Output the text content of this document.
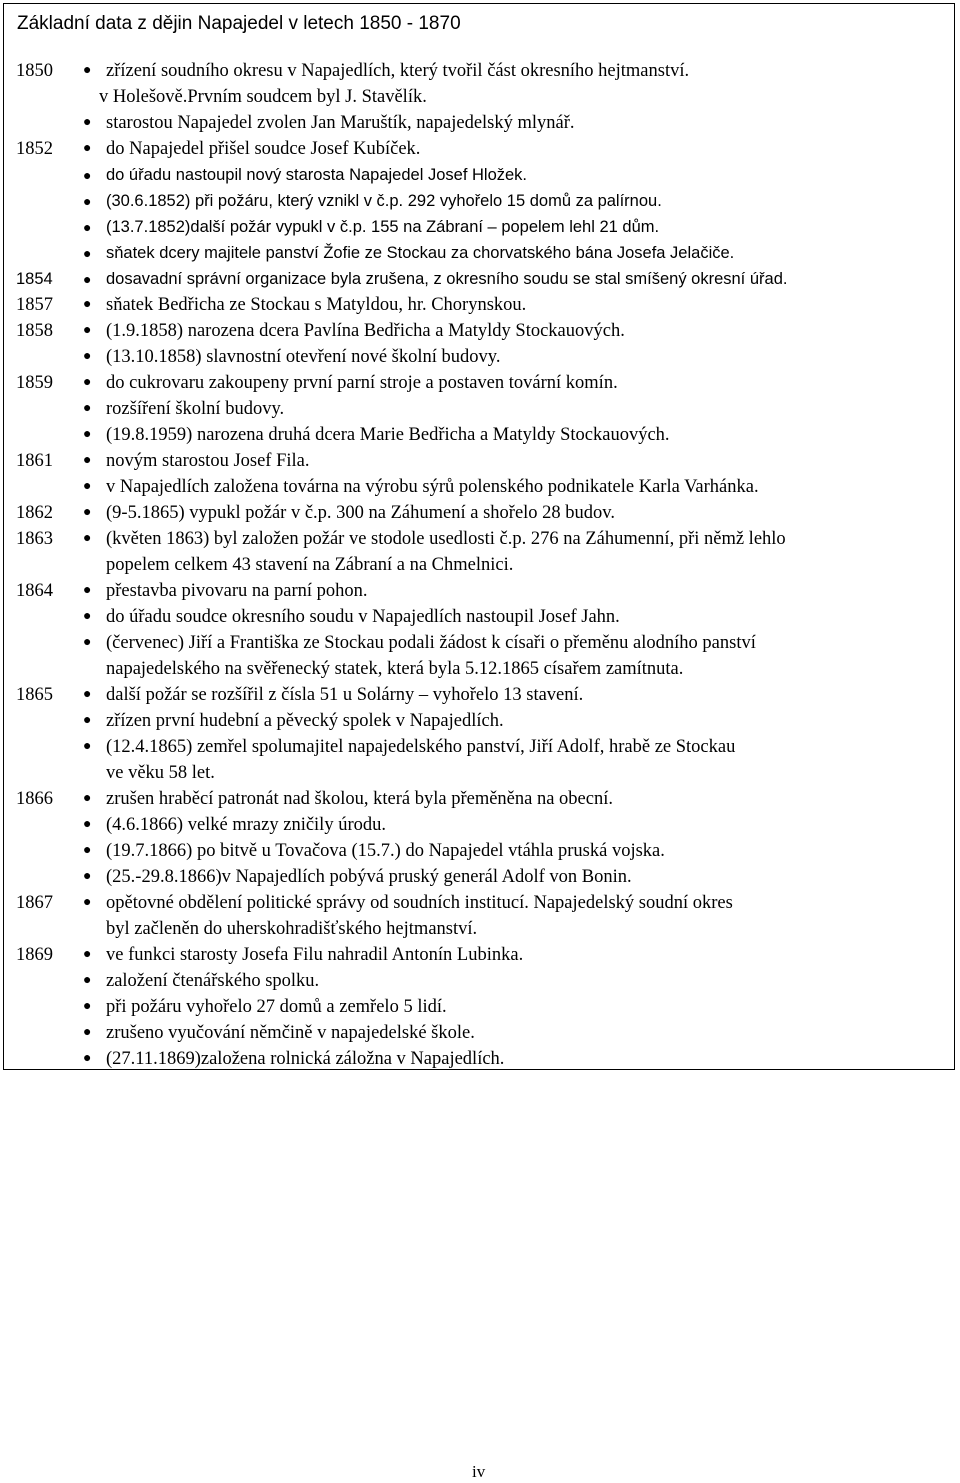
Základní data z dějin Napajedel v letech 1850 - 1870
1850 ● zřízení soudního okresu v Napajedlích, který tvořil část okresního hejtmanství.
v Holešově.Prvním soudcem byl J. Stavělík.
● starostou Napajedel zvolen Jan Maruštík, napajedelský mlynář.
1852 ● do Napajedel přišel soudce Josef Kubíček.
● do úřadu nastoupil nový starosta Napajedel Josef Hložek.
● (30.6.1852) při požáru, který vznikl v č.p. 292 vyhořelo 15 domů za palírnou.
● (13.7.1852)další požár vypukl v č.p. 155 na Zábraní – popelem lehl 21 dům.
● sňatek dcery majitele panství Žofie ze Stockau za chorvatského bána Josefa Jelačiče.
1854 ● dosavadní správní organizace byla zrušena, z okresního soudu se stal smíšený okresní úřad.
1857 ● sňatek Bedřicha ze Stockau s Matyldou, hr. Chorynskou.
1858 ● (1.9.1858) narozena dcera Pavlína Bedřicha a Matyldy Stockauových.
● (13.10.1858) slavnostní otevření nové školní budovy.
1859 ● do cukrovaru zakoupeny první parní stroje a postaven tovární komín.
● rozšíření školní budovy.
● (19.8.1959) narozena druhá dcera Marie Bedřicha a Matyldy Stockauových.
1861 ● novým starostou Josef Fila.
● v Napajedlích založena továrna na výrobu sýrů polenského podnikatele Karla Varhánka.
1862 ● (9-5.1865) vypukl požár v č.p. 300 na Záhumení a shořelo 28 budov.
1863 ● (květen 1863) byl založen požár ve stodole usedlosti č.p. 276 na Záhumenní, při němž lehlo
popelem celkem 43 stavení na Zábraní a na Chmelnici.
1864 ● přestavba pivovaru na parní pohon.
● do úřadu soudce okresního soudu v Napajedlích nastoupil Josef Jahn.
● (červenec) Jiří a Františka ze Stockau podali žádost k císaři o přeměnu alodního panství
napajedelského na svěřenecký statek, která byla 5.12.1865 císařem zamítnuta.
1865 ● další požár se rozšířil z čísla 51 u Solárny – vyhořelo 13 stavení.
● zřízen první hudební a pěvecký spolek v Napajedlích.
● (12.4.1865) zemřel spolumajitel napajedelského panství, Jiří Adolf, hrabě ze Stockau
ve věku 58 let.
1866 ● zrušen hraběcí patronát nad školou, která byla přeměněna na obecní.
● (4.6.1866) velké mrazy zničily úrodu.
● (19.7.1866) po bitvě u Tovačova (15.7.) do Napajedel vtáhla pruská vojska.
● (25.-29.8.1866)v Napajedlích pobývá pruský generál Adolf von Bonin.
1867 ● opětovné obdělení politické správy od soudních institucí. Napajedelský soudní okres
byl začleněn do uherskohradišťského hejtmanství.
1869 ● ve funkci starosty Josefa Filu nahradil Antonín Lubinka.
● založení čtenářského spolku.
● při požáru vyhořelo 27 domů a zemřelo 5 lidí.
● zrušeno vyučování němčině v napajedelské škole.
● (27.11.1869)založena rolnická záložna v Napajedlích.
iv
